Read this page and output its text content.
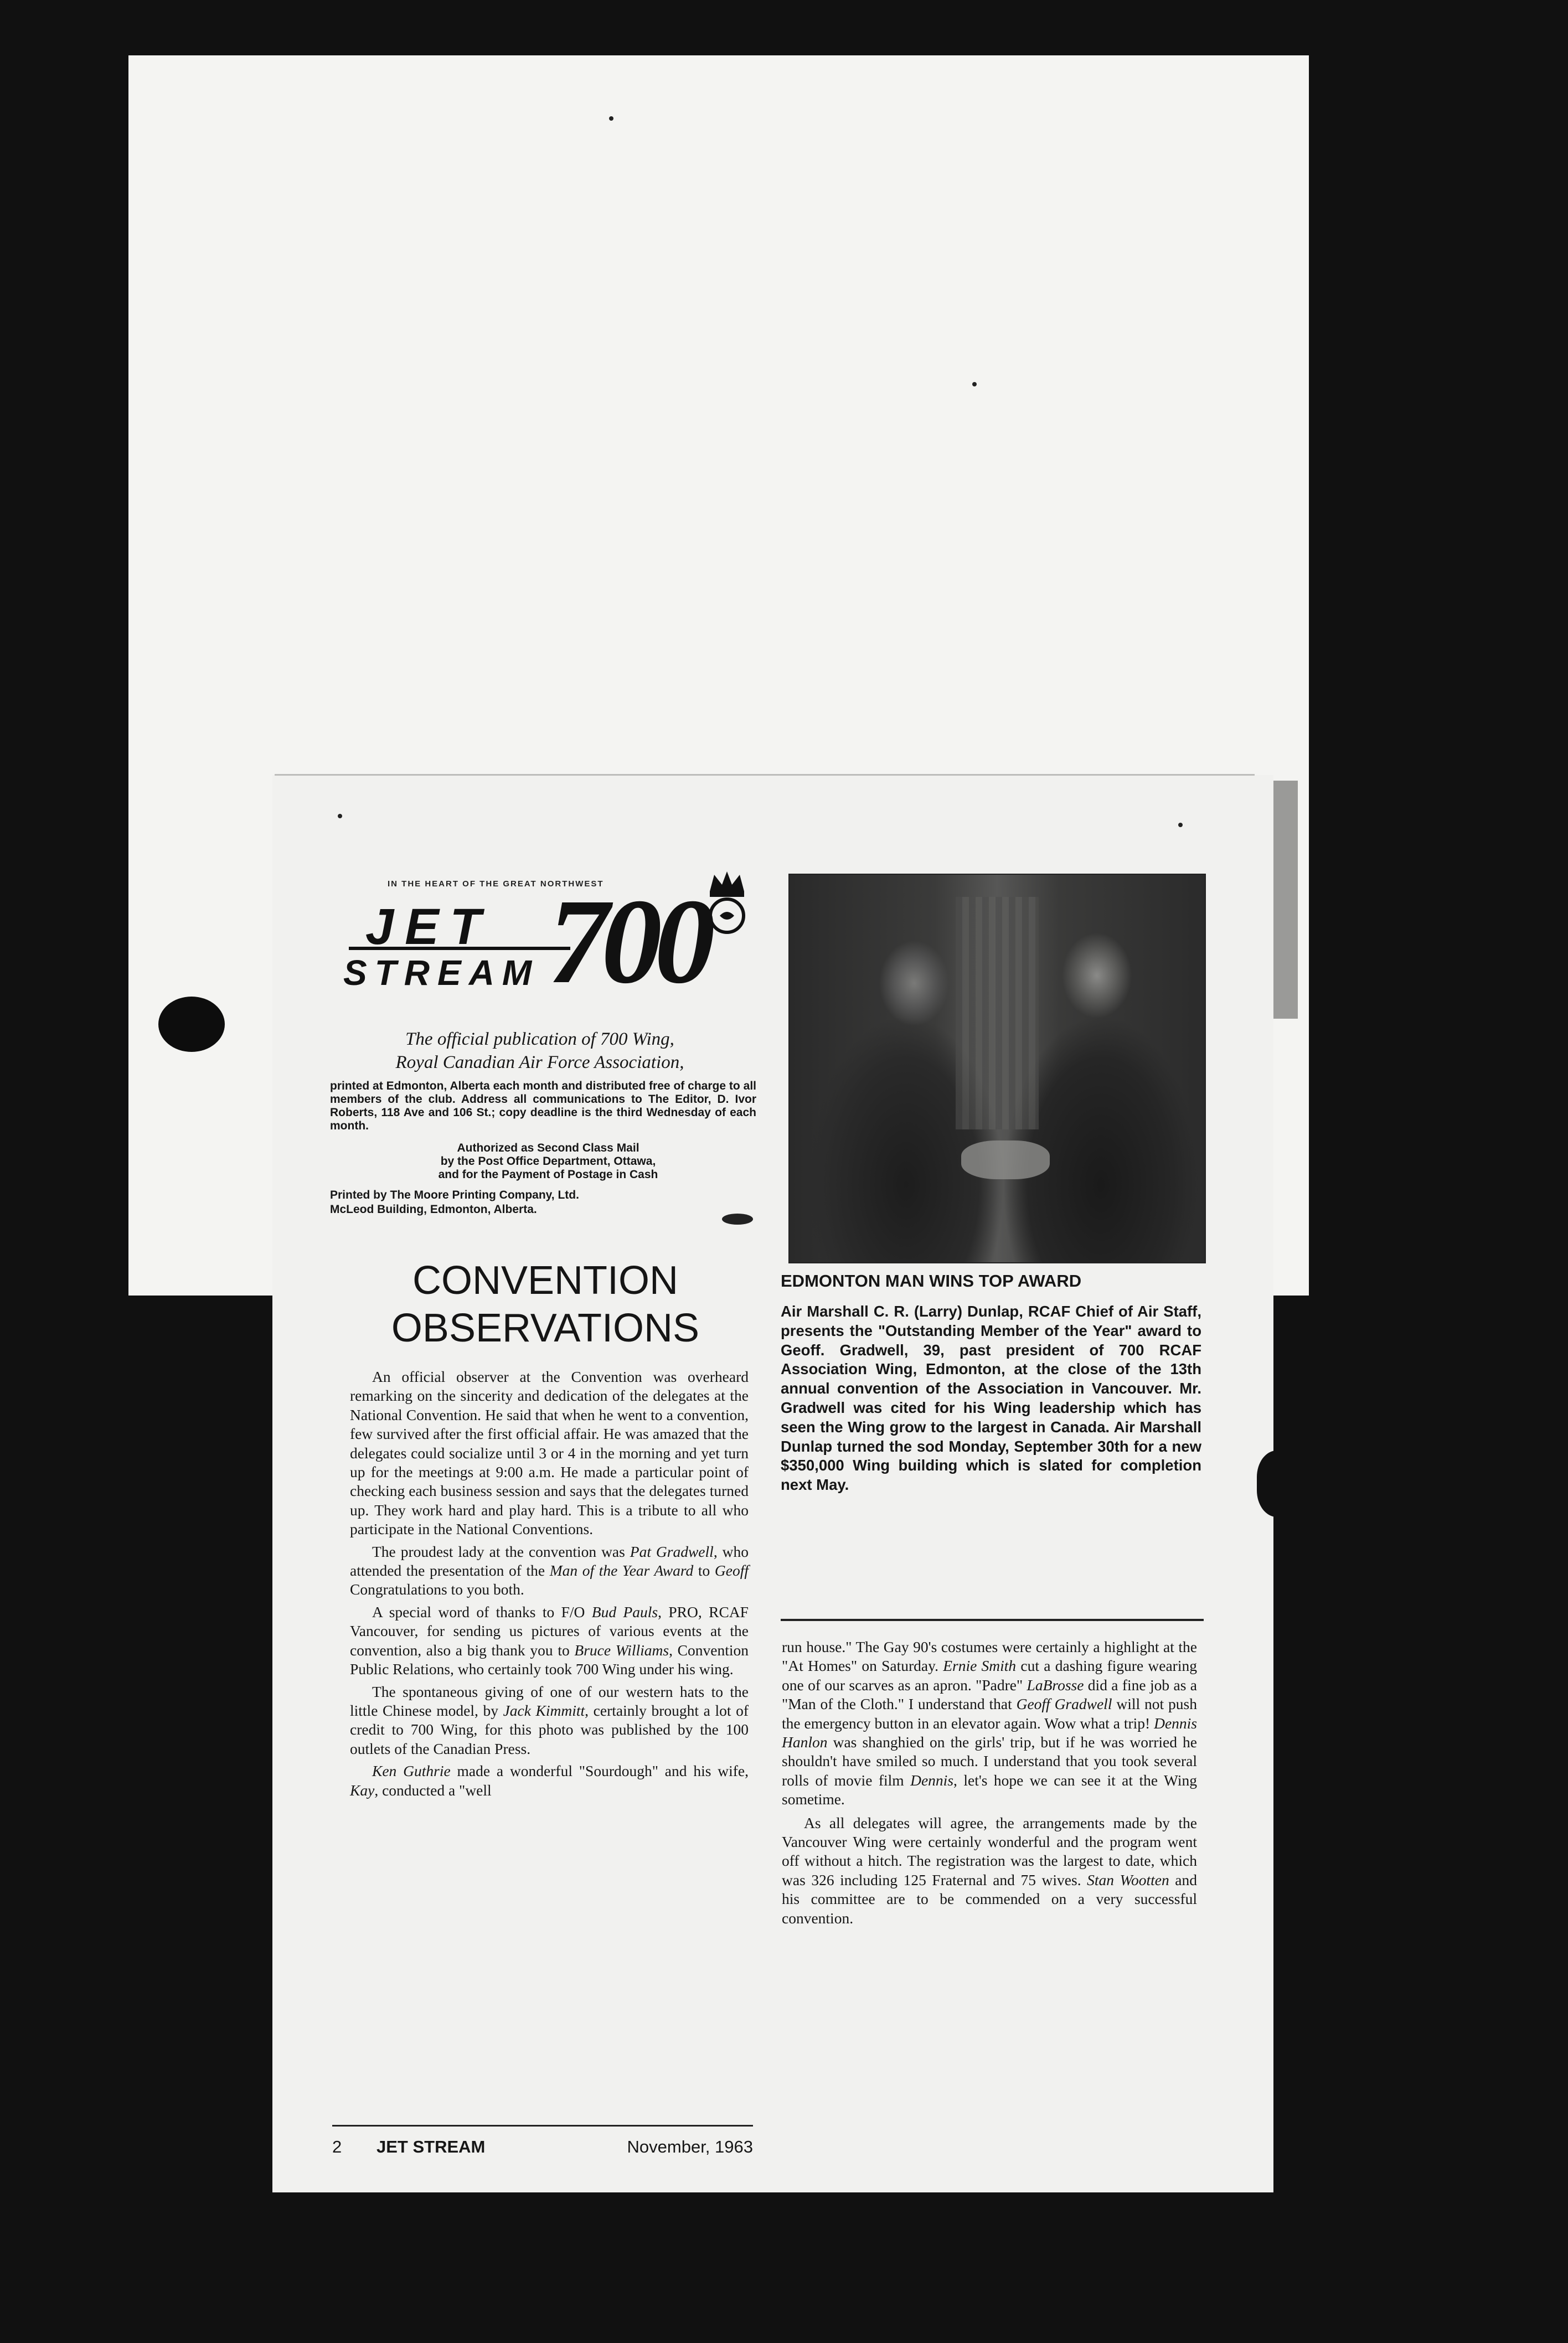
IN THE HEART OF THE GREAT NORTHWEST
JET
STREAM 700
The official publication of 700 Wing,
Royal Canadian Air Force Association,
printed at Edmonton, Alberta each month and distributed free of charge to all members of the club. Address all communications to The Editor, D. Ivor Roberts, 118 Ave and 106 St.; copy deadline is the third Wednesday of each month.
Authorized as Second Class Mail
by the Post Office Department, Ottawa,
and for the Payment of Postage in Cash
Printed by The Moore Printing Company, Ltd.
McLeod Building, Edmonton, Alberta.
CONVENTION
OBSERVATIONS

An official observer at the Convention was overheard remarking on the sincerity and dedication of the delegates at the National Convention. He said that when he went to a convention, few survived after the first official affair. He was amazed that the delegates could socialize until 3 or 4 in the morning and yet turn up for the meetings at 9:00 a.m. He made a particular point of checking each business session and says that the delegates turned up. They work hard and play hard. This is a tribute to all who participate in the National Conventions.

The proudest lady at the convention was Pat Gradwell, who attended the presentation of the Man of the Year Award to Geoff Congratulations to you both.

A special word of thanks to F/O Bud Pauls, PRO, RCAF Vancouver, for sending us pictures of various events at the convention, also a big thank you to Bruce Williams, Convention Public Relations, who certainly took 700 Wing under his wing.

The spontaneous giving of one of our western hats to the little Chinese model, by Jack Kimmitt, certainly brought a lot of credit to 700 Wing, for this photo was published by the 100 outlets of the Canadian Press.

Ken Guthrie made a wonderful "Sourdough" and his wife, Kay, conducted a "well

EDMONTON MAN WINS TOP AWARD
Air Marshall C. R. (Larry) Dunlap, RCAF Chief of Air Staff, presents the "Outstanding Member of the Year" award to Geoff. Gradwell, 39, past president of 700 RCAF Association Wing, Edmonton, at the close of the 13th annual convention of the Association in Vancouver. Mr. Gradwell was cited for his Wing leadership which has seen the Wing grow to the largest in Canada. Air Marshall Dunlap turned the sod Monday, September 30th for a new $350,000 Wing building which is slated for completion next May.

run house." The Gay 90's costumes were certainly a highlight at the "At Homes" on Saturday. Ernie Smith cut a dashing figure wearing one of our scarves as an apron. "Padre" LaBrosse did a fine job as a "Man of the Cloth." I understand that Geoff Gradwell will not push the emergency button in an elevator again. Wow what a trip! Dennis Hanlon was shanghied on the girls' trip, but if he was worried he shouldn't have smiled so much. I understand that you took several rolls of movie film Dennis, let's hope we can see it at the Wing sometime.

As all delegates will agree, the arrangements made by the Vancouver Wing were certainly wonderful and the program went off without a hitch. The registration was the largest to date, which was 326 including 125 Fraternal and 75 wives. Stan Wootten and his committee are to be commended on a very successful convention.

2	JET STREAM	November, 1963
